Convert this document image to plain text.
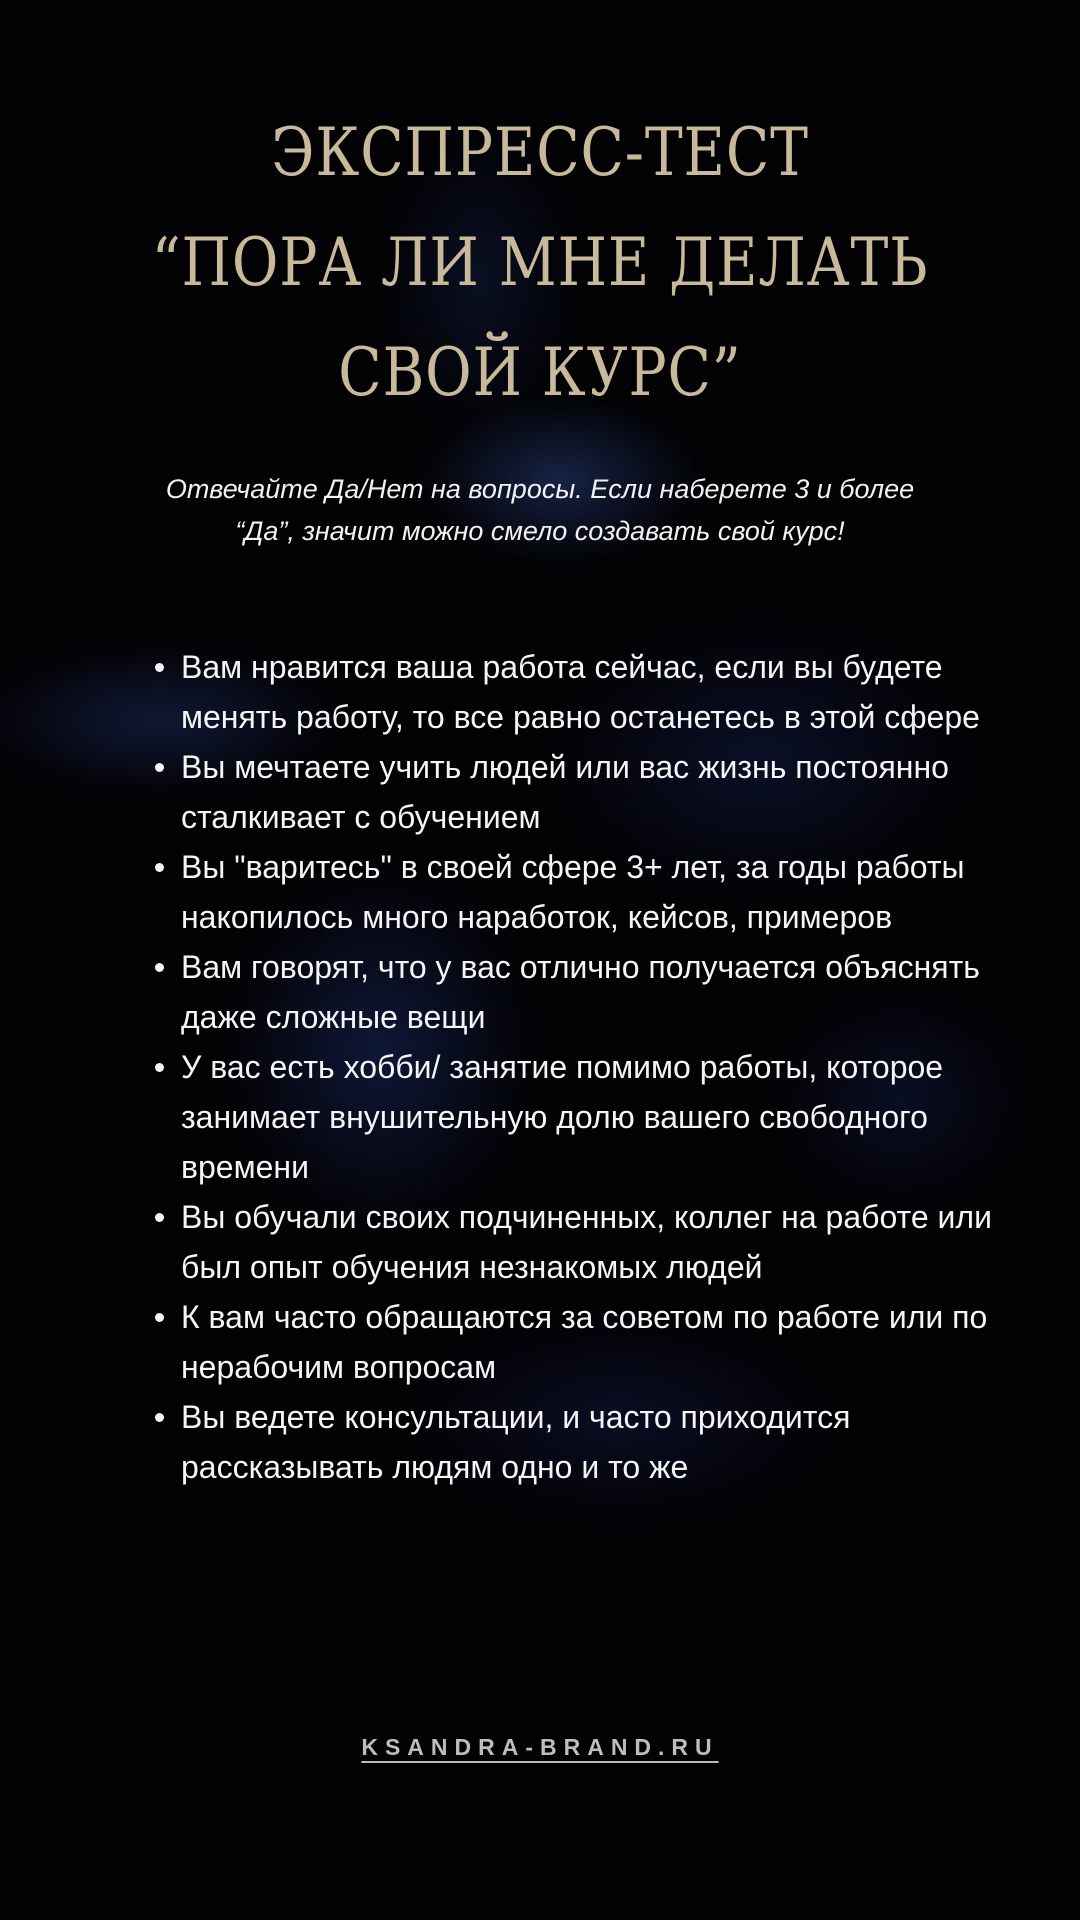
ЭКСПРЕСС-ТЕСТ
“ПОРА ЛИ МНЕ ДЕЛАТЬ
СВОЙ КУРС”
Отвечайте Да/Нет на вопросы. Если наберете 3 и более
“Да”, значит можно смело создавать свой курс!
Вам нравится ваша работа сейчас, если вы будете менять работу, то все равно останетесь в этой сфере
Вы мечтаете учить людей или вас жизнь постоянно сталкивает с обучением
Вы "варитесь" в своей сфере 3+ лет, за годы работы накопилось много наработок, кейсов, примеров
Вам говорят, что у вас отлично получается объяснять даже сложные вещи
У вас есть хобби/ занятие помимо работы, которое занимает внушительную долю вашего свободного времени
Вы обучали своих подчиненных, коллег на работе или был опыт обучения незнакомых людей
К вам часто обращаются за советом по работе или по нерабочим вопросам
Вы ведете консультации, и часто приходится рассказывать людям одно и то же
KSANDRA-BRAND.RU
